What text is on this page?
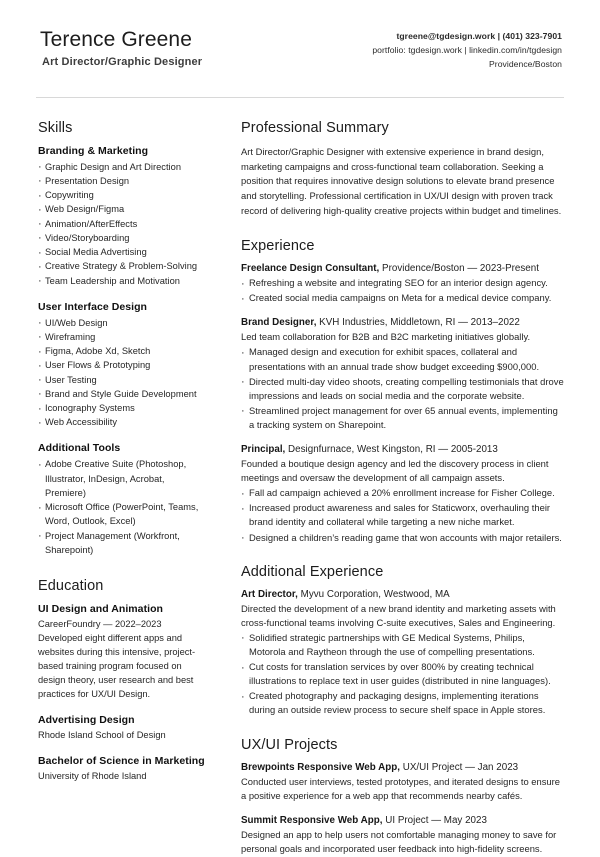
Terence Greene
Art Director/Graphic Designer
tgreene@tgdesign.work | (401) 323-7901
portfolio: tgdesign.work | linkedin.com/in/tgdesign
Providence/Boston
Skills
Branding & Marketing
· Graphic Design and Art Direction
· Presentation Design
· Copywriting
· Web Design/Figma
· Animation/AfterEffects
· Video/Storyboarding
· Social Media Advertising
· Creative Strategy & Problem-Solving
· Team Leadership and Motivation
User Interface Design
· UI/Web Design
· Wireframing
· Figma, Adobe Xd, Sketch
· User Flows & Prototyping
· User Testing
· Brand and Style Guide Development
· Iconography Systems
· Web Accessibility
Additional Tools
· Adobe Creative Suite (Photoshop, Illustrator, InDesign, Acrobat, Premiere)
· Microsoft Office (PowerPoint, Teams, Word, Outlook, Excel)
· Project Management (Workfront, Sharepoint)
Education
UI Design and Animation
CareerFoundry — 2022–2023
Developed eight different apps and websites during this intensive, project-based training program focused on design theory, user research and best practices for UX/UI Design.
Advertising Design
Rhode Island School of Design
Bachelor of Science in Marketing
University of Rhode Island
Professional Summary
Art Director/Graphic Designer with extensive experience in brand design, marketing campaigns and cross-functional team collaboration. Seeking a position that requires innovative design solutions to elevate brand presence and storytelling. Professional certification in UX/UI design with proven track record of delivering high-quality creative projects within budget and timelines.
Experience
Freelance Design Consultant, Providence/Boston — 2023-Present
· Refreshing a website and integrating SEO for an interior design agency.
· Created social media campaigns on Meta for a medical device company.
Brand Designer, KVH Industries, Middletown, RI — 2013–2022
Led team collaboration for B2B and B2C marketing initiatives globally.
· Managed design and execution for exhibit spaces, collateral and presentations with an annual trade show budget exceeding $900,000.
· Directed multi-day video shoots, creating compelling testimonials that drove impressions and leads on social media and the corporate website.
· Streamlined project management for over 65 annual events, implementing a tracking system on Sharepoint.
Principal, Designfurnace, West Kingston, RI — 2005-2013
Founded a boutique design agency and led the discovery process in client meetings and oversaw the development of all campaign assets.
· Fall ad campaign achieved a 20% enrollment increase for Fisher College.
· Increased product awareness and sales for Staticworx, overhauling their brand identity and collateral while targeting a new niche market.
· Designed a children’s reading game that won accounts with major retailers.
Additional Experience
Art Director, Myvu Corporation, Westwood, MA
Directed the development of a new brand identity and marketing assets with cross-functional teams involving C-suite executives, Sales and Engineering.
· Solidified strategic partnerships with GE Medical Systems, Philips, Motorola and Raytheon through the use of compelling presentations.
· Cut costs for translation services by over 800% by creating technical illustrations to replace text in user guides (distributed in nine languages).
· Created photography and packaging designs, implementing iterations during an outside review process to secure shelf space in Apple stores.
UX/UI Projects
Brewpoints Responsive Web App, UX/UI Project — Jan 2023
Conducted user interviews, tested prototypes, and iterated designs to ensure a positive experience for a web app that recommends nearby cafés.
Summit Responsive Web App, UI Project — May 2023
Designed an app to help users not comfortable managing money to save for personal goals and incorporated user feedback into high-fidelity screens.
